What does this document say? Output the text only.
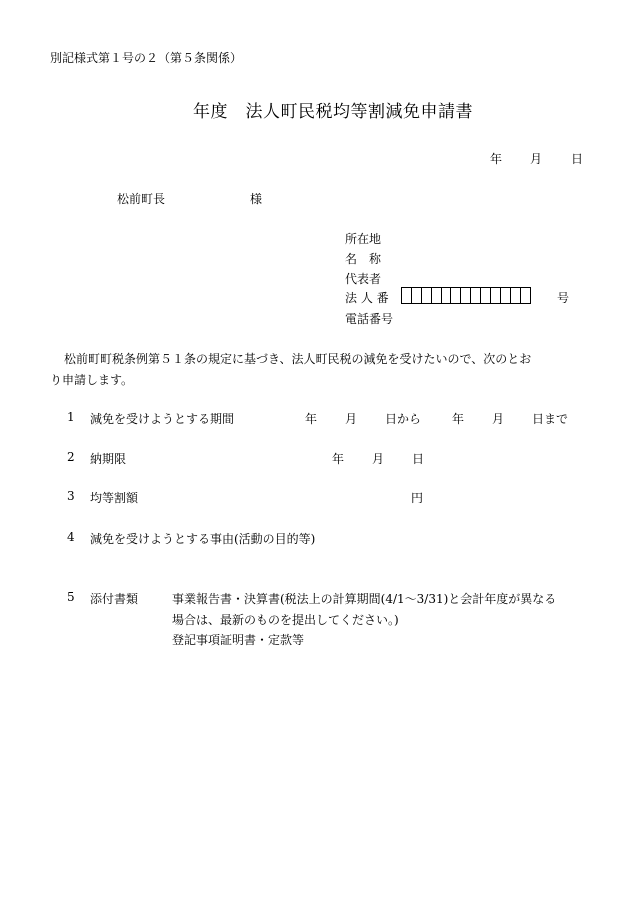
別記様式第１号の２（第５条関係）
年度　法人町民税均等割減免申請書
年 月 日
松前町長	様
所在地
名　称
代表者
法 人 番	号
電話番号
松前町町税条例第５１条の規定に基づき、法人町民税の減免を受けたいので、次のとお
り申請します。
1 減免を受けようとする期間	年 月 日から	年 月 日まで
2 納期限	年 月 日
3 均等割額	円
4 減免を受けようとする事由(活動の目的等)
5 添付書類	事業報告書・決算書(税法上の計算期間(4/1～3/31)と会計年度が異なる
場合は、最新のものを提出してください。)
登記事項証明書・定款等
